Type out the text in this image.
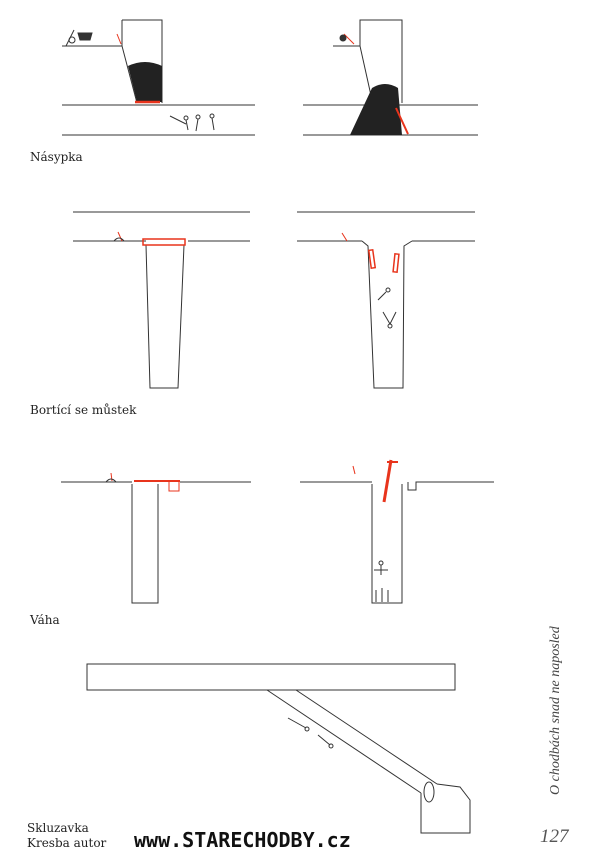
Násypka
Bortící se můstek
Váha
Skluzavka
Kresba autor www.STARECHODBY.cz	127
O chodbách snad ne naposled
